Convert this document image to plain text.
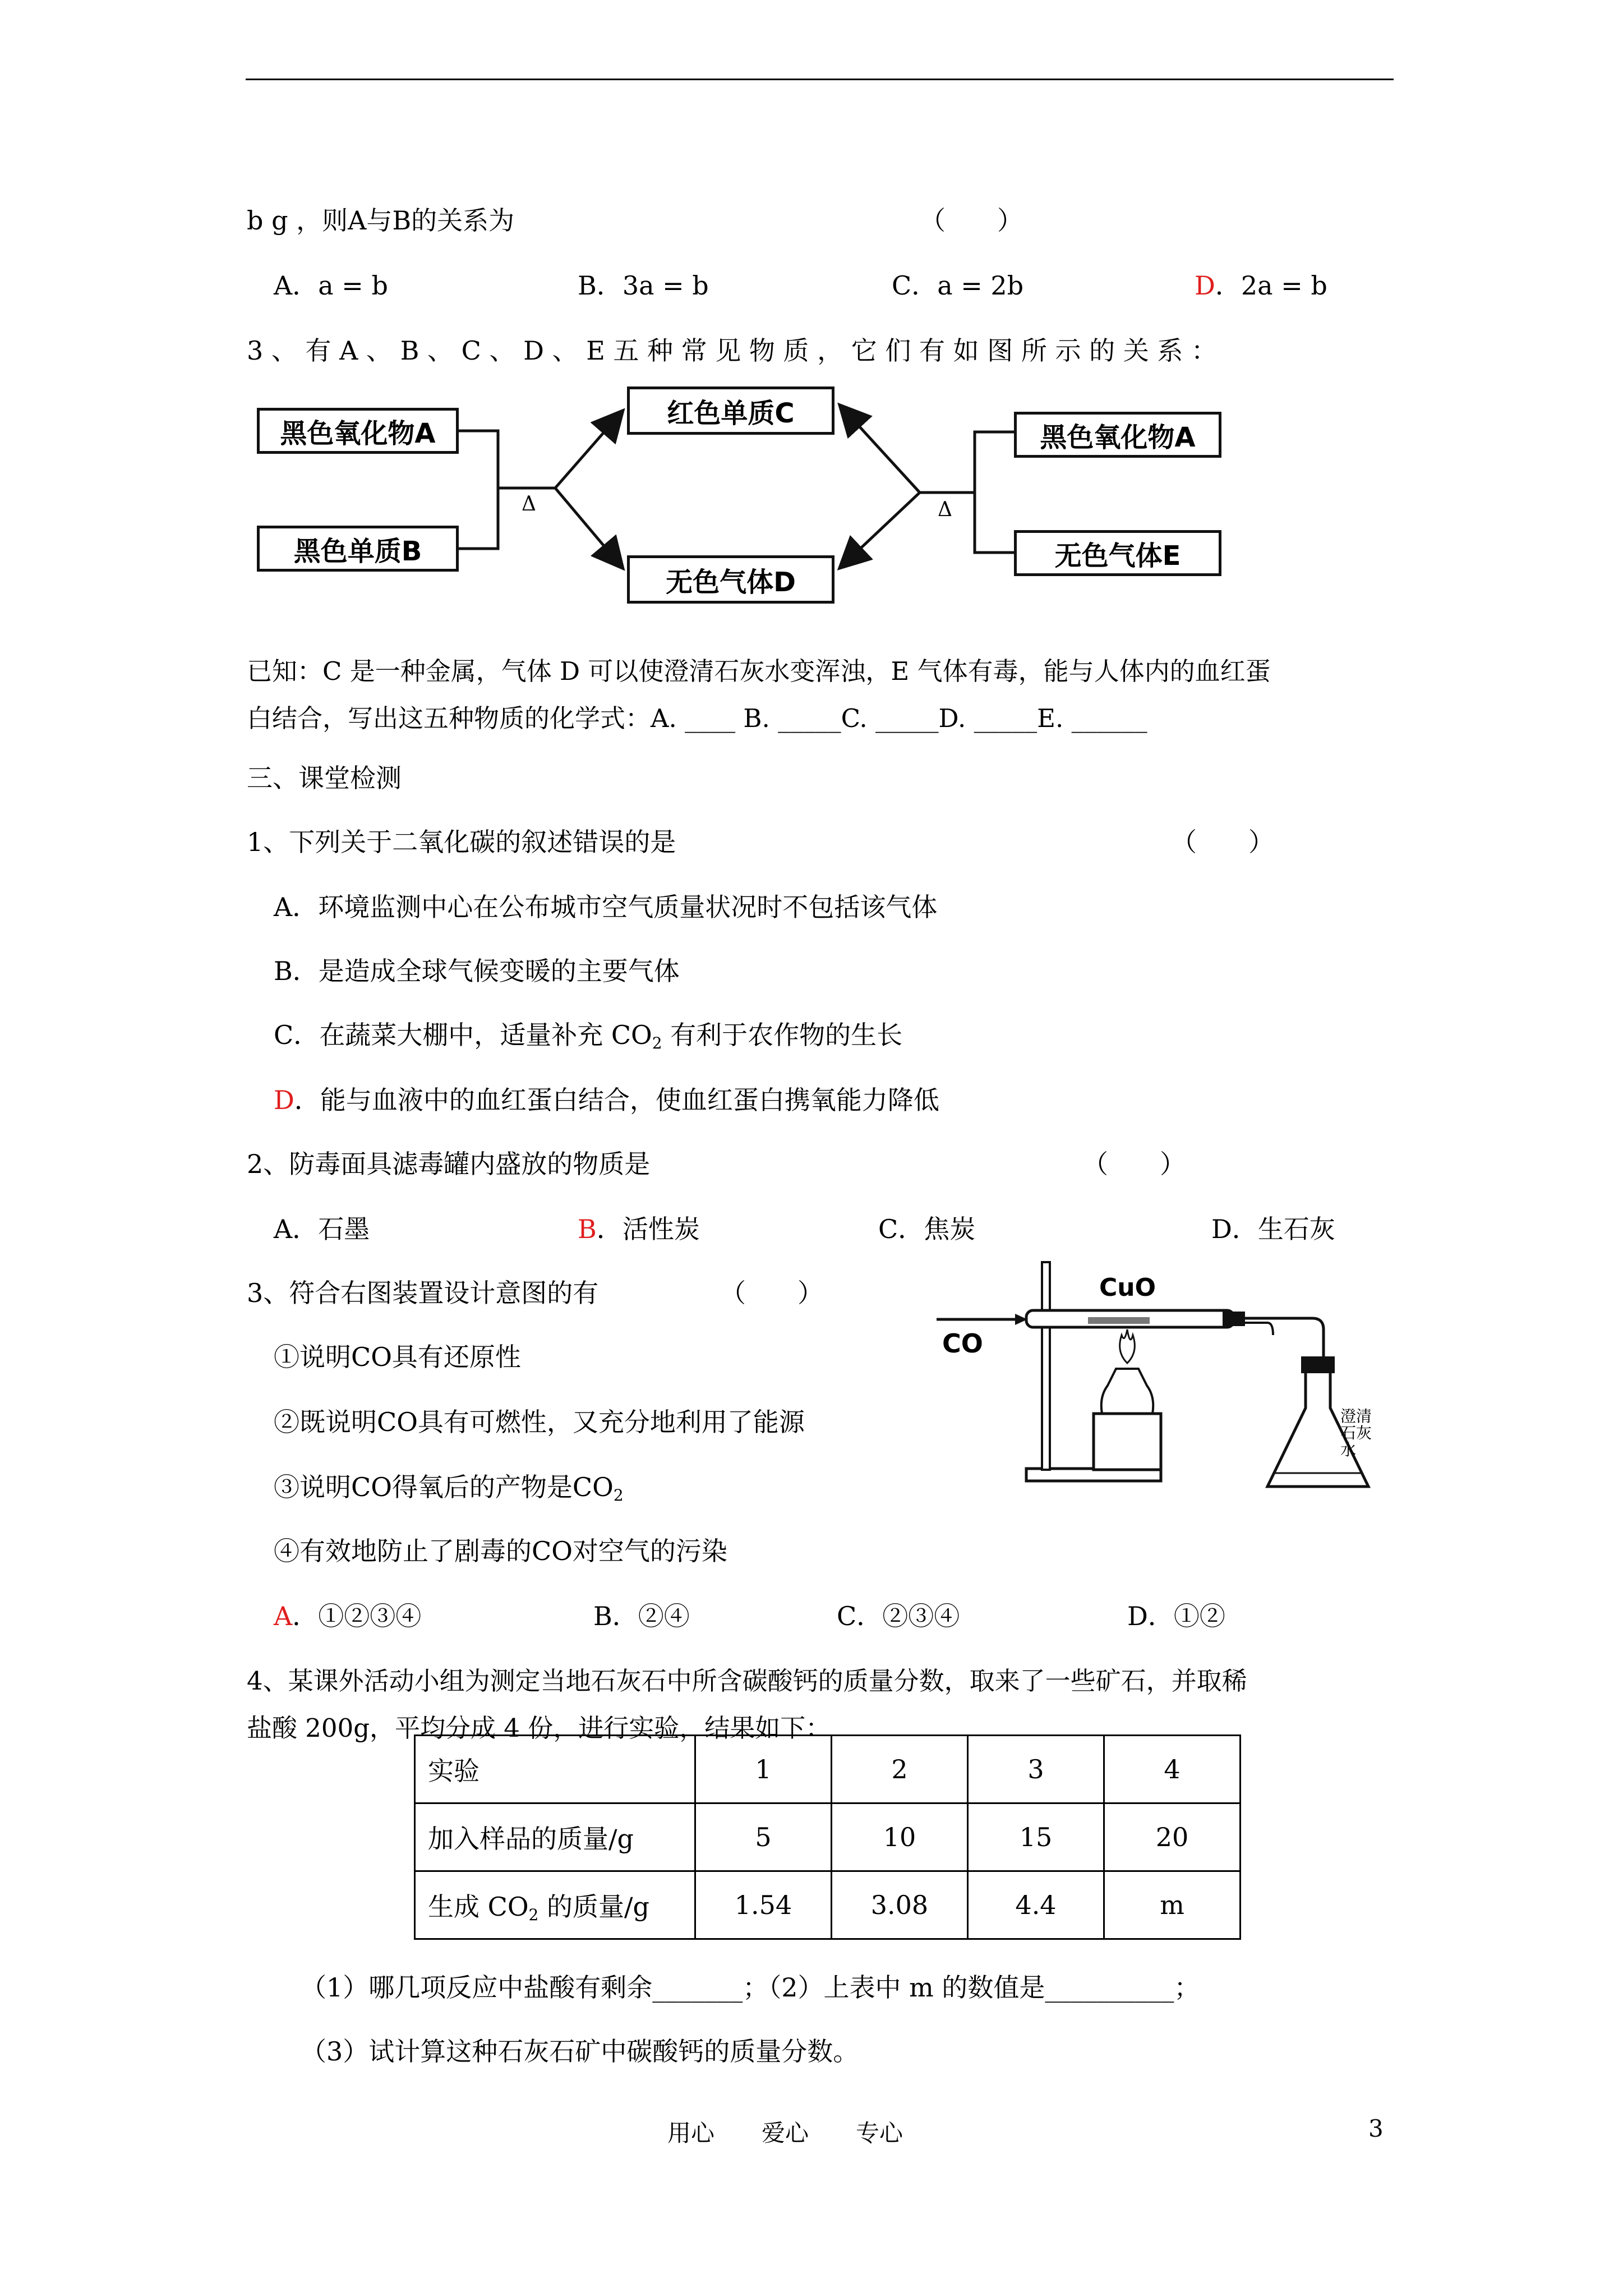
b g ，则A与B的关系为	（　　）
A．a = b	B．3a = b	C．a = 2b	D．2a = b
3 、 有 A 、 B 、 C 、 D 、 E 五 种 常 见 物 质 ， 它 们 有 如 图 所 示 的 关 系 ：
黑色氧化物A
黑色单质B
红色单质C
无色气体D
黑色氧化物A
无色气体E
Δ	Δ
已知：C 是一种金属，气体 D 可以使澄清石灰水变浑浊，E 气体有毒，能与人体内的血红蛋
白结合，写出这五种物质的化学式：A. ____ B. _____C. _____D. _____E. ______
三、课堂检测
1、下列关于二氧化碳的叙述错误的是	（　　）
A．环境监测中心在公布城市空气质量状况时不包括该气体
B．是造成全球气候变暖的主要气体
C．在蔬菜大棚中，适量补充 $CO_2$ 有利于农作物的生长
D．能与血液中的血红蛋白结合，使血红蛋白携氧能力降低
2、防毒面具滤毒罐内盛放的物质是	（　　）
A．石墨	B．活性炭	C．焦炭	D．生石灰
3、符合右图装置设计意图的有	（　　）
①说明CO具有还原性
②既说明CO具有可燃性，又充分地利用了能源
③说明CO得氧后的产物是$CO_2$
④有效地防止了剧毒的CO对空气的污染
A．①②③④	B．②④	C．②③④	D．①②
CuO
CO
澄清石灰水
4、某课外活动小组为测定当地石灰石中所含碳酸钙的质量分数，取来了一些矿石，并取稀
盐酸 200g，平均分成 4 份，进行实验，结果如下：
实验	1	2	3	4
加入样品的质量/g	5	10	15	20
生成 $CO_2$ 的质量/g	1.54	3.08	4.4	m
（1）哪几项反应中盐酸有剩余_______；（2）上表中 m 的数值是__________；
（3）试计算这种石灰石矿中碳酸钙的质量分数。
用心　　爱心　　专心	3
